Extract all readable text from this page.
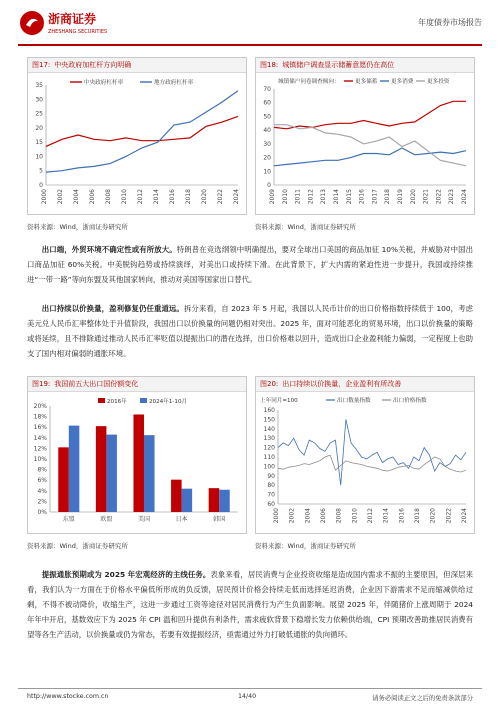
浙商证券
ZHESHANG SECURITIES
年度债券市场报告
图17: 中央政府加杠杆方向明确
0
5
10
15
20
25
30
35
2000 2002 2004 2006 2008 2010 2012 2014 2016 2018 2020 2022 2024
中央政府杠杆率	地方政府杠杆率
资料来源：Wind，浙商证券研究所
图18: 城镇储户调查显示储蓄意愿仍在高位
0
10
20
30
40
50
60
70
2009 2010 2011 2012 2013 2014 2015 2016 2017 2018 2019 2020 2021 2022 2023 2024
城镇储户问卷调查倾向：	更多储蓄 更多消费 更多投资
资料来源：Wind，浙商证券研究所
出口端，外贸环境不确定性或有所放大。特朗普在竞选纲领中明确提出，要对全球出口美国的商品加征 10%关税，并威胁对中国出口商品加征 60%关税。中美脱钩趋势或持续演绎，对美出口或持续下滑。在此背景下，扩大内需的紧迫性进一步提升，我国或持续推进“一带一路”等向东盟及其他国家转向，推动对美国等国家出口替代。
出口持续以价换量，盈利修复仍任重道远。拆分来看，自 2023 年 5 月起，我国以人民币计价的出口价格指数持续低于 100，考虑美元兑人民币汇率整体处于升值阶段，我国出口以价换量的问题仍相对突出。2025 年，面对可能恶化的贸易环境，出口以价换量的策略或将延续，且不排除通过推动人民币汇率贬值以提振出口的潜在选择，出口价格难以回升，造成出口企业盈利能力偏弱，一定程度上也助支了国内相对偏弱的通胀环境。
图19: 我国前五大出口国份额变化
0%
2%
4%
6%
8%
10%
12%
14%
16%
18%
20%
东盟	欧盟	美国	日本	韩国
2016年	2024年1-10月
资料来源：Wind，浙商证券研究所
图20: 出口持续以价换量，企业盈利有所改善
60
70
80
90
100
110
120
130
140
150
160
2000 2002 2004 2006 2008 2010 2012 2014 2016 2018 2020 2022 2024
上年同月=100	出口数量指数	出口价格指数
资料来源：Wind，浙商证券研究所
提振通胀预期或为 2025 年宏观经济的主线任务。表象来看，居民消费与企业投资收缩是造成国内需求不振的主要原因，但深层来看，我们认为一方面在于价格水平偏低所形成的负反馈，居民预计价格会持续走低而选择延迟消费，企业因下游需求不足而缩减供给过剩，不得不被动降价，收缩生产，这进一步通过工资等途径对居民消费行为产生负面影响。展望 2025 年，伴随猪价上涨周期于 2024 年年中开启，基数效应下为 2025 年 CPI 温和回升提供有利条件，需求疲软背景下稳增长发力依赖供给端，CPI 预期改善助推居民消费有望等各生产活动，以价换量或仍为常态，若要有效提振经济，亟需通过外力打破低通胀的负向循环。
http://www.stocke.com.cn	14/40	请务必阅读正文之后的免责条款部分
